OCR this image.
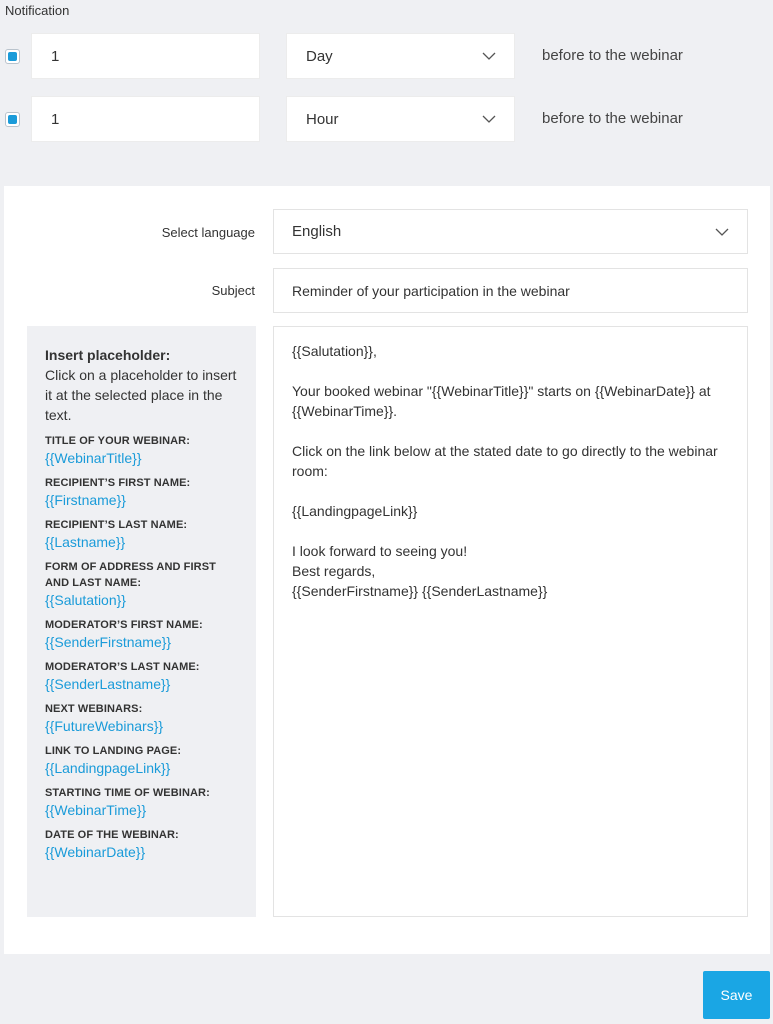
Notification
1
Day	before to the webinar
1
Hour	before to the webinar
Select language English
Subject
Reminder of your participation in the webinar
Insert placeholder:
Click on a placeholder to insert it at the selected place in the text.
TITLE OF YOUR WEBINAR:
{{WebinarTitle}}
RECIPIENT’S FIRST NAME:
{{Firstname}}
RECIPIENT’S LAST NAME:
{{Lastname}}
FORM OF ADDRESS AND FIRST AND LAST NAME:
{{Salutation}}
MODERATOR’S FIRST NAME:
{{SenderFirstname}}
MODERATOR’S LAST NAME:
{{SenderLastname}}
NEXT WEBINARS:
{{FutureWebinars}}
LINK TO LANDING PAGE:
{{LandingpageLink}}
STARTING TIME OF WEBINAR:
{{WebinarTime}}
DATE OF THE WEBINAR:
{{WebinarDate}}
{{Salutation}},

Your booked webinar "{{WebinarTitle}}" starts on {{WebinarDate}} at {{WebinarTime}}.

Click on the link below at the stated date to go directly to the webinar room:

{{LandingpageLink}}

I look forward to seeing you!
Best regards,
{{SenderFirstname}} {{SenderLastname}}
Save
